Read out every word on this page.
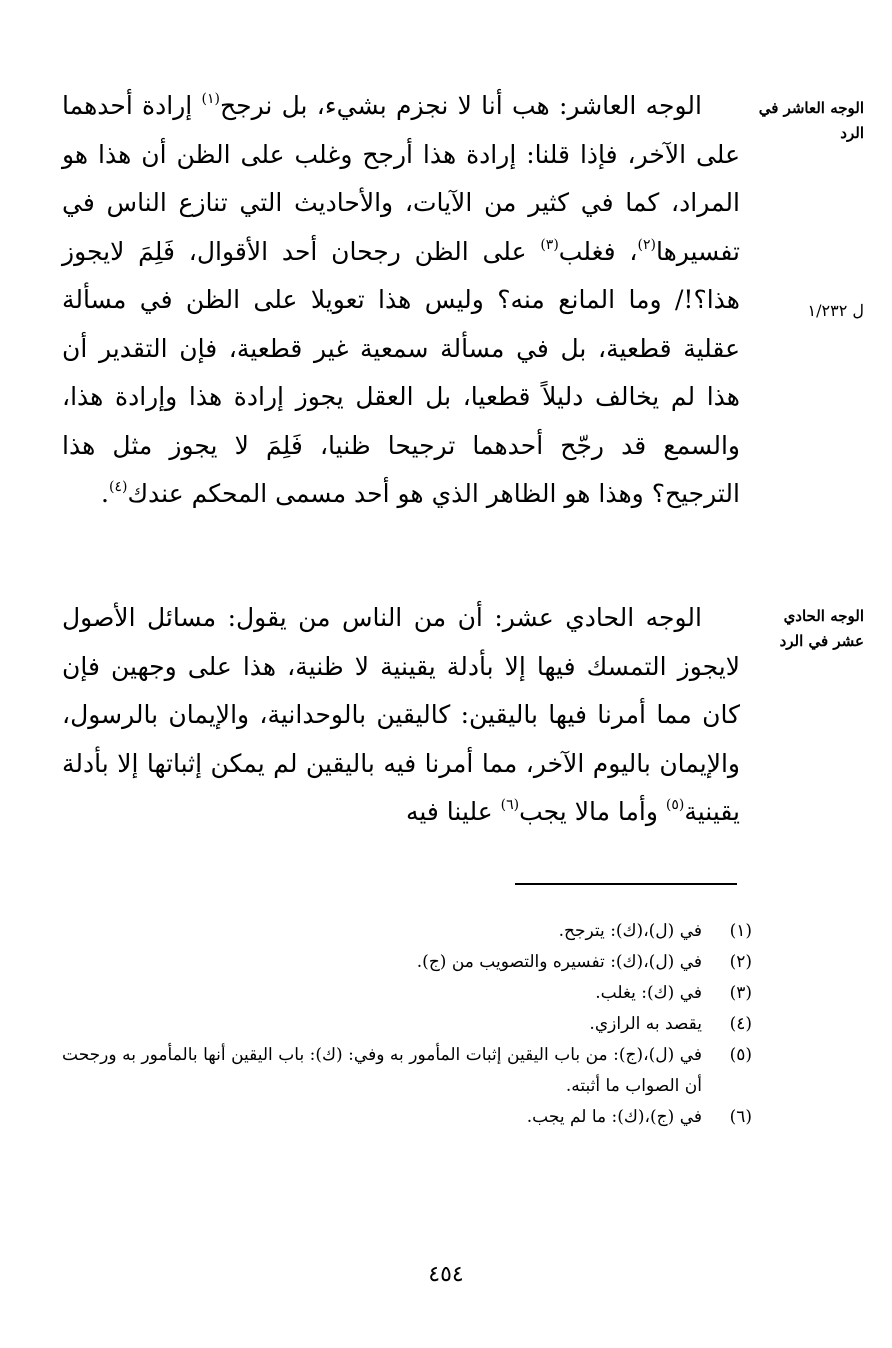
الوجه العاشر في الرد
ل ١/٢٣٢
الوجه الحادي عشر في الرد
الوجه العاشر: هب أنا لا نجزم بشيء، بل نرجح$^{(١)}$ إرادة أحدهما على الآخر، فإذا قلنا: إرادة هذا أرجح وغلب على الظن أن هذا هو المراد، كما في كثير من الآيات، والأحاديث التي تنازع الناس في تفسيرها$^{(٢)}$، فغلب$^{(٣)}$ على الظن رجحان أحد الأقوال، فَلِمَ لايجوز هذا؟!/ وما المانع منه؟ وليس هذا تعويلا على الظن في مسألة عقلية قطعية، بل في مسألة سمعية غير قطعية، فإن التقدير أن هذا لم يخالف دليلاً قطعيا، بل العقل يجوز إرادة هذا وإرادة هذا، والسمع قد رجّح أحدهما ترجيحا ظنيا، فَلِمَ لا يجوز مثل هذا الترجيح؟ وهذا هو الظاهر الذي هو أحد مسمى المحكم عندك$^{(٤)}$.
الوجه الحادي عشر: أن من الناس من يقول: مسائل الأصول لايجوز التمسك فيها إلا بأدلة يقينية لا ظنية، هذا على وجهين فإن كان مما أمرنا فيها باليقين: كاليقين بالوحدانية، والإيمان بالرسول، والإيمان باليوم الآخر، مما أمرنا فيه باليقين لم يمكن إثباتها إلا بأدلة يقينية$^{(٥)}$ وأما مالا يجب$^{(٦)}$ علينا فيه
(١)
في (ل)،(ك): يترجح.
(٢)
في (ل)،(ك): تفسيره والتصويب من (ج).
(٣)
في (ك): يغلب.
(٤)
يقصد به الرازي.
(٥)
في (ل)،(ج): من باب اليقين إثبات المأمور به وفي: (ك): باب اليقين أنها بالمأمور به ورجحت أن الصواب ما أثبته.
(٦)
في (ج)،(ك): ما لم يجب.
٤٥٤
